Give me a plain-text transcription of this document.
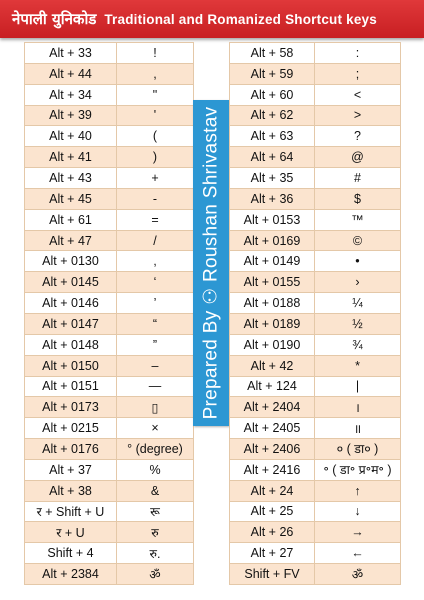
नेपाली युनिकोड Traditional and Romanized Shortcut keys
Alt + 33	!
Alt + 44	,
Alt + 34	"
Alt + 39	'
Alt + 40	(
Alt + 41	)
Alt + 43	+
Alt + 45	-
Alt + 61	=
Alt + 47	/
Alt + 0130	‚
Alt + 0145	‘
Alt + 0146	’
Alt + 0147	“
Alt + 0148	”
Alt + 0150	–
Alt + 0151	—
Alt + 0173	▯
Alt + 0215	×
Alt + 0176	° (degree)
Alt + 37	%
Alt + 38	&
र + Shift + U	रू
र + U	रु
Shift + 4	रु.
Alt + 2384	ॐ
Prepared By ⚇ Roushan Shrivastav
Alt + 58	:
Alt + 59	;
Alt + 60	<
Alt + 62	>
Alt + 63	?
Alt + 64	@
Alt + 35	#
Alt + 36	$
Alt + 0153	™
Alt + 0169	©
Alt + 0149	•
Alt + 0155	›
Alt + 0188	¼
Alt + 0189	½
Alt + 0190	¾
Alt + 42	*
Alt + 124	|
Alt + 2404	।
Alt + 2405	॥
Alt + 2406	० ( डा० )
Alt + 2416	॰ ( डा॰ प्र॰म॰ )
Alt + 24	↑
Alt + 25	↓
Alt + 26	→
Alt + 27	←
Shift + FV	ॐ
